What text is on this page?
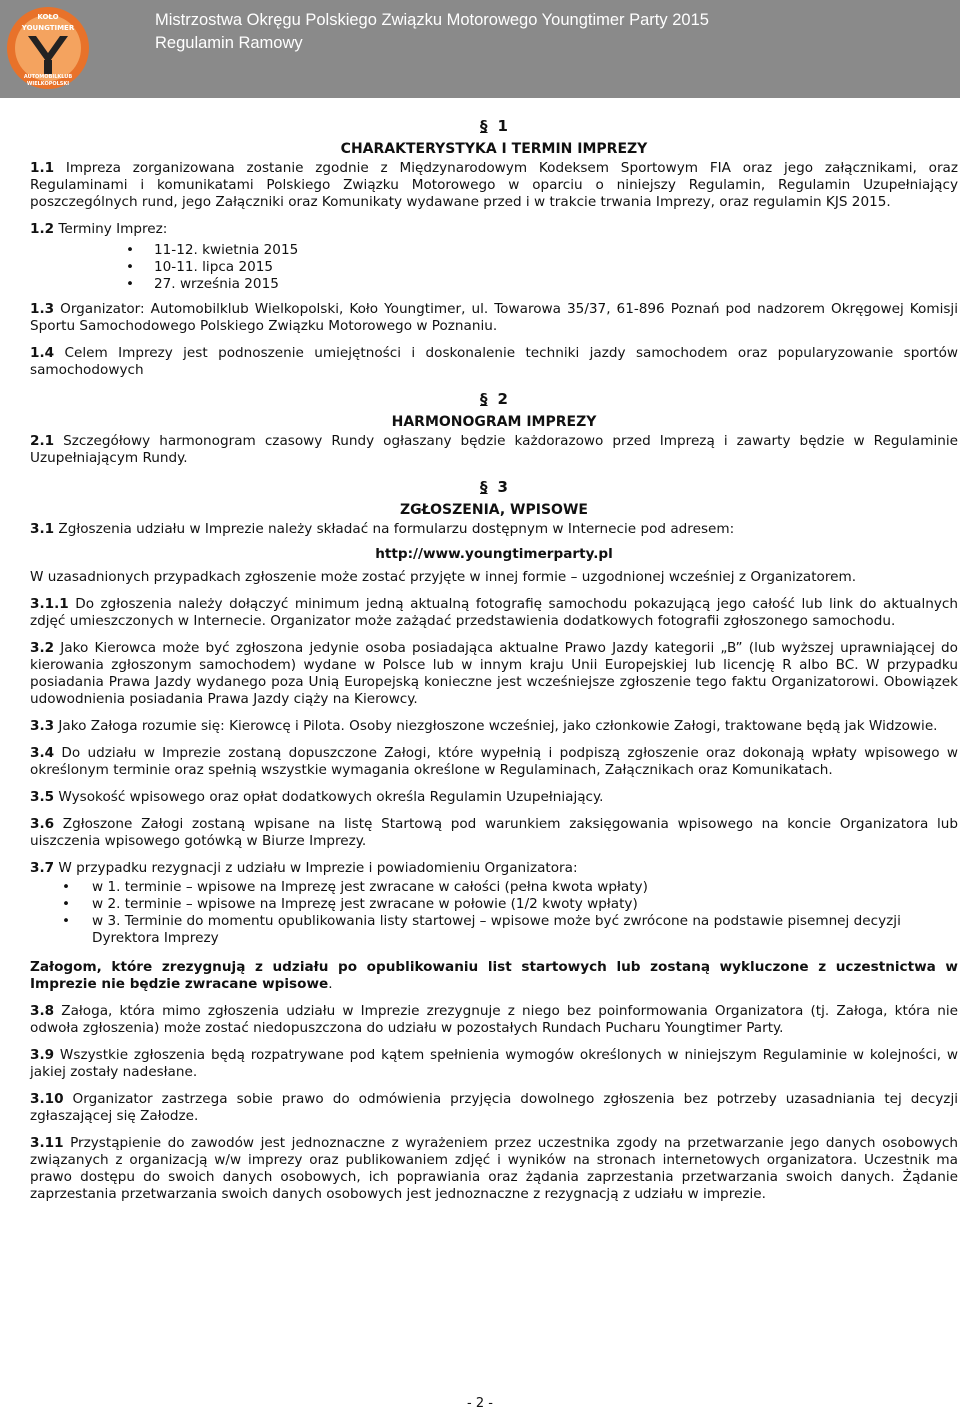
KOŁO
YOUNGTIMER
AUTOMOBILKLUB
WIELKOPOLSKI
Mistrzostwa Okręgu Polskiego Związku Motorowego Youngtimer Party 2015
Regulamin Ramowy
§ 1
CHARAKTERYSTYKA I TERMIN IMPREZY

1.1 Impreza zorganizowana zostanie zgodnie z Międzynarodowym Kodeksem Sportowym FIA oraz jego załącznikami, oraz Regulaminami i komunikatami Polskiego Związku Motorowego w oparciu o niniejszy Regulamin, Regulamin Uzupełniający poszczególnych rund, jego Załączniki oraz Komunikaty wydawane przed i w trakcie trwania Imprezy, oraz regulamin KJS 2015.

1.2 Terminy Imprez:

• 11-12. kwietnia 2015
• 10-11. lipca 2015
• 27. września 2015

1.3 Organizator: Automobilklub Wielkopolski, Koło Youngtimer, ul. Towarowa 35/37, 61-896 Poznań pod nadzorem Okręgowej Komisji Sportu Samochodowego Polskiego Związku Motorowego w Poznaniu.

1.4 Celem Imprezy jest podnoszenie umiejętności i doskonalenie techniki jazdy samochodem oraz popularyzowanie sportów samochodowych

§ 2
HARMONOGRAM IMPREZY

2.1 Szczegółowy harmonogram czasowy Rundy ogłaszany będzie każdorazowo przed Imprezą i zawarty będzie w Regulaminie Uzupełniającym Rundy.

§ 3
ZGŁOSZENIA, WPISOWE

3.1 Zgłoszenia udziału w Imprezie należy składać na formularzu dostępnym w Internecie pod adresem:

http://www.youngtimerparty.pl

W uzasadnionych przypadkach zgłoszenie może zostać przyjęte w innej formie – uzgodnionej wcześniej z Organizatorem.

3.1.1 Do zgłoszenia należy dołączyć minimum jedną aktualną fotografię samochodu pokazującą jego całość lub link do aktualnych zdjęć umieszczonych w Internecie. Organizator może zażądać przedstawienia dodatkowych fotografii zgłoszonego samochodu.

3.2 Jako Kierowca może być zgłoszona jedynie osoba posiadająca aktualne Prawo Jazdy kategorii „B” (lub wyższej uprawniającej do kierowania zgłoszonym samochodem) wydane w Polsce lub w innym kraju Unii Europejskiej lub licencję R albo BC. W przypadku posiadania Prawa Jazdy wydanego poza Unią Europejską konieczne jest wcześniejsze zgłoszenie tego faktu Organizatorowi. Obowiązek udowodnienia posiadania Prawa Jazdy ciąży na Kierowcy.

3.3 Jako Załoga rozumie się: Kierowcę i Pilota. Osoby niezgłoszone wcześniej, jako członkowie Załogi, traktowane będą jak Widzowie.

3.4 Do udziału w Imprezie zostaną dopuszczone Załogi, które wypełnią i podpiszą zgłoszenie oraz dokonają wpłaty wpisowego w określonym terminie oraz spełnią wszystkie wymagania określone w Regulaminach, Załącznikach oraz Komunikatach.

3.5 Wysokość wpisowego oraz opłat dodatkowych określa Regulamin Uzupełniający.

3.6 Zgłoszone Załogi zostaną wpisane na listę Startową pod warunkiem zaksięgowania wpisowego na koncie Organizatora lub uiszczenia wpisowego gotówką w Biurze Imprezy.

3.7 W przypadku rezygnacji z udziału w Imprezie i powiadomieniu Organizatora:

• w 1. terminie – wpisowe na Imprezę jest zwracane w całości (pełna kwota wpłaty)
• w 2. terminie – wpisowe na Imprezę jest zwracane w połowie (1/2 kwoty wpłaty)
• w 3. Terminie do momentu opublikowania listy startowej – wpisowe może być zwrócone na podstawie pisemnej decyzji Dyrektora Imprezy

Załogom, które zrezygnują z udziału po opublikowaniu list startowych lub zostaną wykluczone z uczestnictwa w Imprezie nie będzie zwracane wpisowe.

3.8 Załoga, która mimo zgłoszenia udziału w Imprezie zrezygnuje z niego bez poinformowania Organizatora (tj. Załoga, która nie odwoła zgłoszenia) może zostać niedopuszczona do udziału w pozostałych Rundach Pucharu Youngtimer Party.

3.9 Wszystkie zgłoszenia będą rozpatrywane pod kątem spełnienia wymogów określonych w niniejszym Regulaminie w kolejności, w jakiej zostały nadesłane.

3.10 Organizator zastrzega sobie prawo do odmówienia przyjęcia dowolnego zgłoszenia bez potrzeby uzasadniania tej decyzji zgłaszającej się Załodze.

3.11 Przystąpienie do zawodów jest jednoznaczne z wyrażeniem przez uczestnika zgody na przetwarzanie jego danych osobowych związanych z organizacją w/w imprezy oraz publikowaniem zdjęć i wyników na stronach internetowych organizatora. Uczestnik ma prawo dostępu do swoich danych osobowych, ich poprawiania oraz żądania zaprzestania przetwarzania swoich danych. Żądanie zaprzestania przetwarzania swoich danych osobowych jest jednoznaczne z rezygnacją z udziału w imprezie.

- 2 -
